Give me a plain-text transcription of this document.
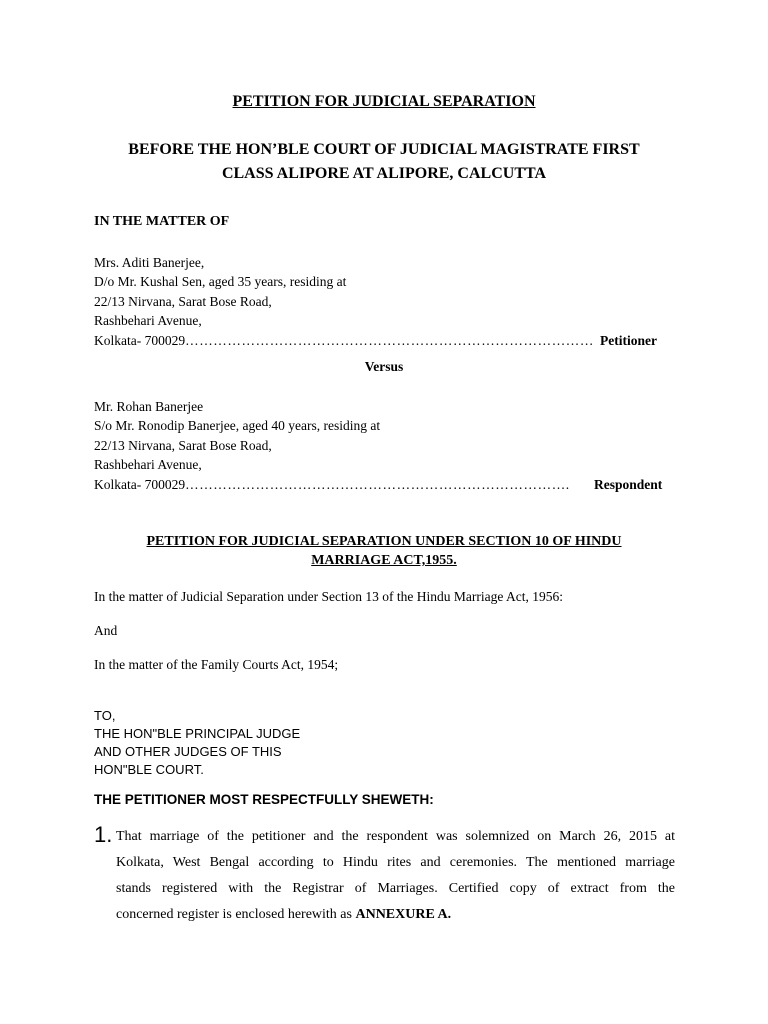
PETITION FOR JUDICIAL SEPARATION
BEFORE THE HON’BLE COURT OF JUDICIAL MAGISTRATE FIRST
CLASS ALIPORE AT ALIPORE, CALCUTTA
IN THE MATTER OF
Mrs. Aditi Banerjee,
D/o Mr. Kushal Sen, aged 35 years, residing at
22/13 Nirvana, Sarat Bose Road,
Rashbehari Avenue,
Kolkata- 700029…………………………………………………………………………… Petitioner
Versus
Mr. Rohan Banerjee
S/o Mr. Ronodip Banerjee, aged 40 years, residing at
22/13 Nirvana, Sarat Bose Road,
Rashbehari Avenue,
Kolkata- 700029……………………………………………………………………….	Respondent
PETITION FOR JUDICIAL SEPARATION UNDER SECTION 10 OF HINDU
MARRIAGE ACT,1955.
In the matter of Judicial Separation under Section 13 of the Hindu Marriage Act, 1956:
And
In the matter of the Family Courts Act, 1954;
TO,
THE HON"BLE PRINCIPAL JUDGE
AND OTHER JUDGES OF THIS
HON"BLE COURT.
THE PETITIONER MOST RESPECTFULLY SHEWETH:
1. That marriage of the petitioner and the respondent was solemnized on March 26, 2015 at
Kolkata, West Bengal according to Hindu rites and ceremonies. The mentioned marriage
stands registered with the Registrar of Marriages. Certified copy of extract from the
concerned register is enclosed herewith as ANNEXURE A.
